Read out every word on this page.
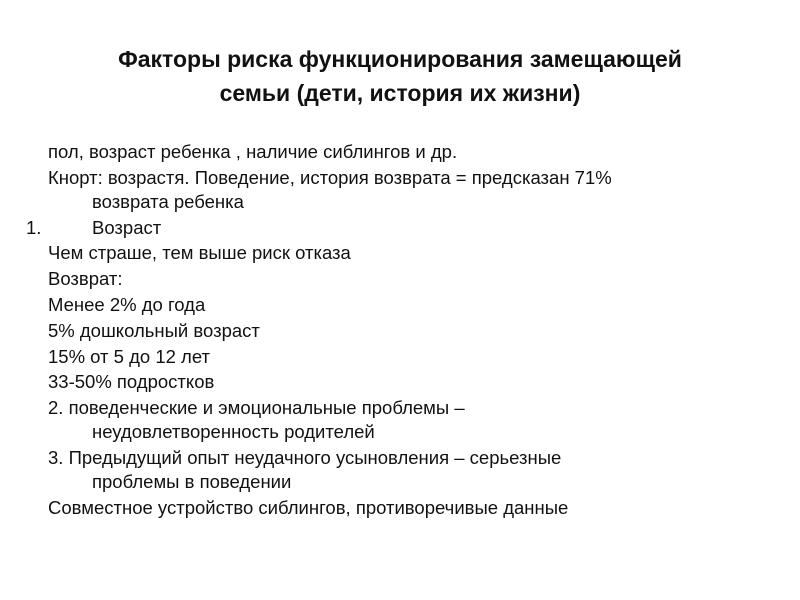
Факторы риска функционирования замещающей
семьи (дети, история их жизни)
пол, возраст ребенка , наличие сиблингов и др.
Кнорт: возрастя. Поведение, история возврата = предсказан 71%
возврата ребенка
1.	Возраст
Чем страше, тем выше риск отказа
Возврат:
Менее 2% до года
5% дошкольный возраст
15% от 5 до 12 лет
33-50% подростков
2. поведенческие и эмоциональные проблемы –
неудовлетворенность родителей
3. Предыдущий опыт неудачного усыновления – серьезные
проблемы в поведении
Совместное устройство сиблингов, противоречивые данные
